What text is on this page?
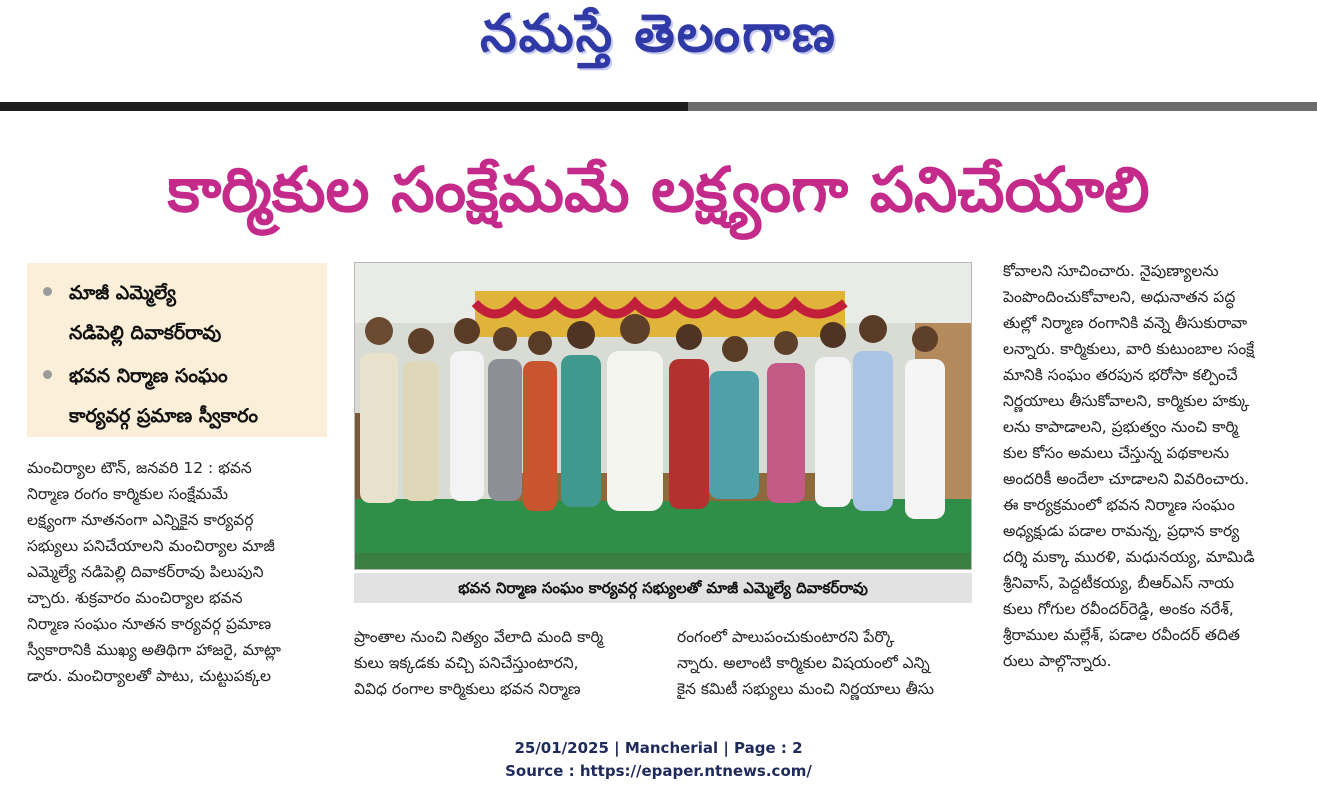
నమస్తే తెలంగాణ
కార్మికుల సంక్షేమమే లక్ష్యంగా పనిచేయాలి
మాజీ ఎమ్మెల్యే
నడిపెల్లి దివాకర్‌రావు
భవన నిర్మాణ సంఘం
కార్యవర్గ ప్రమాణ స్వీకారం
భవన నిర్మాణ సంఘం కార్యవర్గ సభ్యులతో మాజీ ఎమ్మెల్యే దివాకర్‌రావు
మంచిర్యాల టౌన్, జనవరి 12 : భవన
నిర్మాణ రంగం కార్మికుల సంక్షేమమే
లక్ష్యంగా నూతనంగా ఎన్నికైన కార్యవర్గ
సభ్యులు పనిచేయాలని మంచిర్యాల మాజీ
ఎమ్మెల్యే నడిపెల్లి దివాకర్‌రావు పిలుపుని
చ్చారు. శుక్రవారం మంచిర్యాల భవన
నిర్మాణ సంఘం నూతన కార్యవర్గ ప్రమాణ
స్వీకారానికి ముఖ్య అతిథిగా హాజరై, మాట్లా
డారు. మంచిర్యాలతో పాటు, చుట్టుపక్కల
ప్రాంతాల నుంచి నిత్యం వేలాది మంది కార్మి
కులు ఇక్కడకు వచ్చి పనిచేస్తుంటారని,
వివిధ రంగాల కార్మికులు భవన నిర్మాణ
రంగంలో పాలుపంచుకుంటారని పేర్కొ
న్నారు. అలాంటి కార్మికుల విషయంలో ఎన్ని
కైన కమిటీ సభ్యులు మంచి నిర్ణయాలు తీసు
కోవాలని సూచించారు. నైపుణ్యాలను
పెంపొందించుకోవాలని, అధునాతన పద్ధ
తుల్లో నిర్మాణ రంగానికి వన్నె తీసుకురావా
లన్నారు. కార్మికులు, వారి కుటుంబాల సంక్షే
మానికి సంఘం తరపున భరోసా కల్పించే
నిర్ణయాలు తీసుకోవాలని, కార్మికుల హక్కు
లను కాపాడాలని, ప్రభుత్వం నుంచి కార్మి
కుల కోసం అమలు చేస్తున్న పథకాలను
అందరికీ అందేలా చూడాలని వివరించారు.
ఈ కార్యక్రమంలో భవన నిర్మాణ సంఘం
అధ్యక్షుడు పడాల రామన్న, ప్రధాన కార్య
దర్శి మక్కా మురళి, మధునయ్య, మామిడి
శ్రీనివాస్, పెద్దటీకయ్య, బీఆర్‌ఎస్ నాయ
కులు గోగుల రవీందర్‌రెడ్డి, అంకం నరేశ్,
శ్రీరాముల మల్లేశ్, పడాల రవీందర్ తదిత
రులు పాల్గొన్నారు.
25/01/2025 | Mancherial | Page : 2
Source : https://epaper.ntnews.com/
